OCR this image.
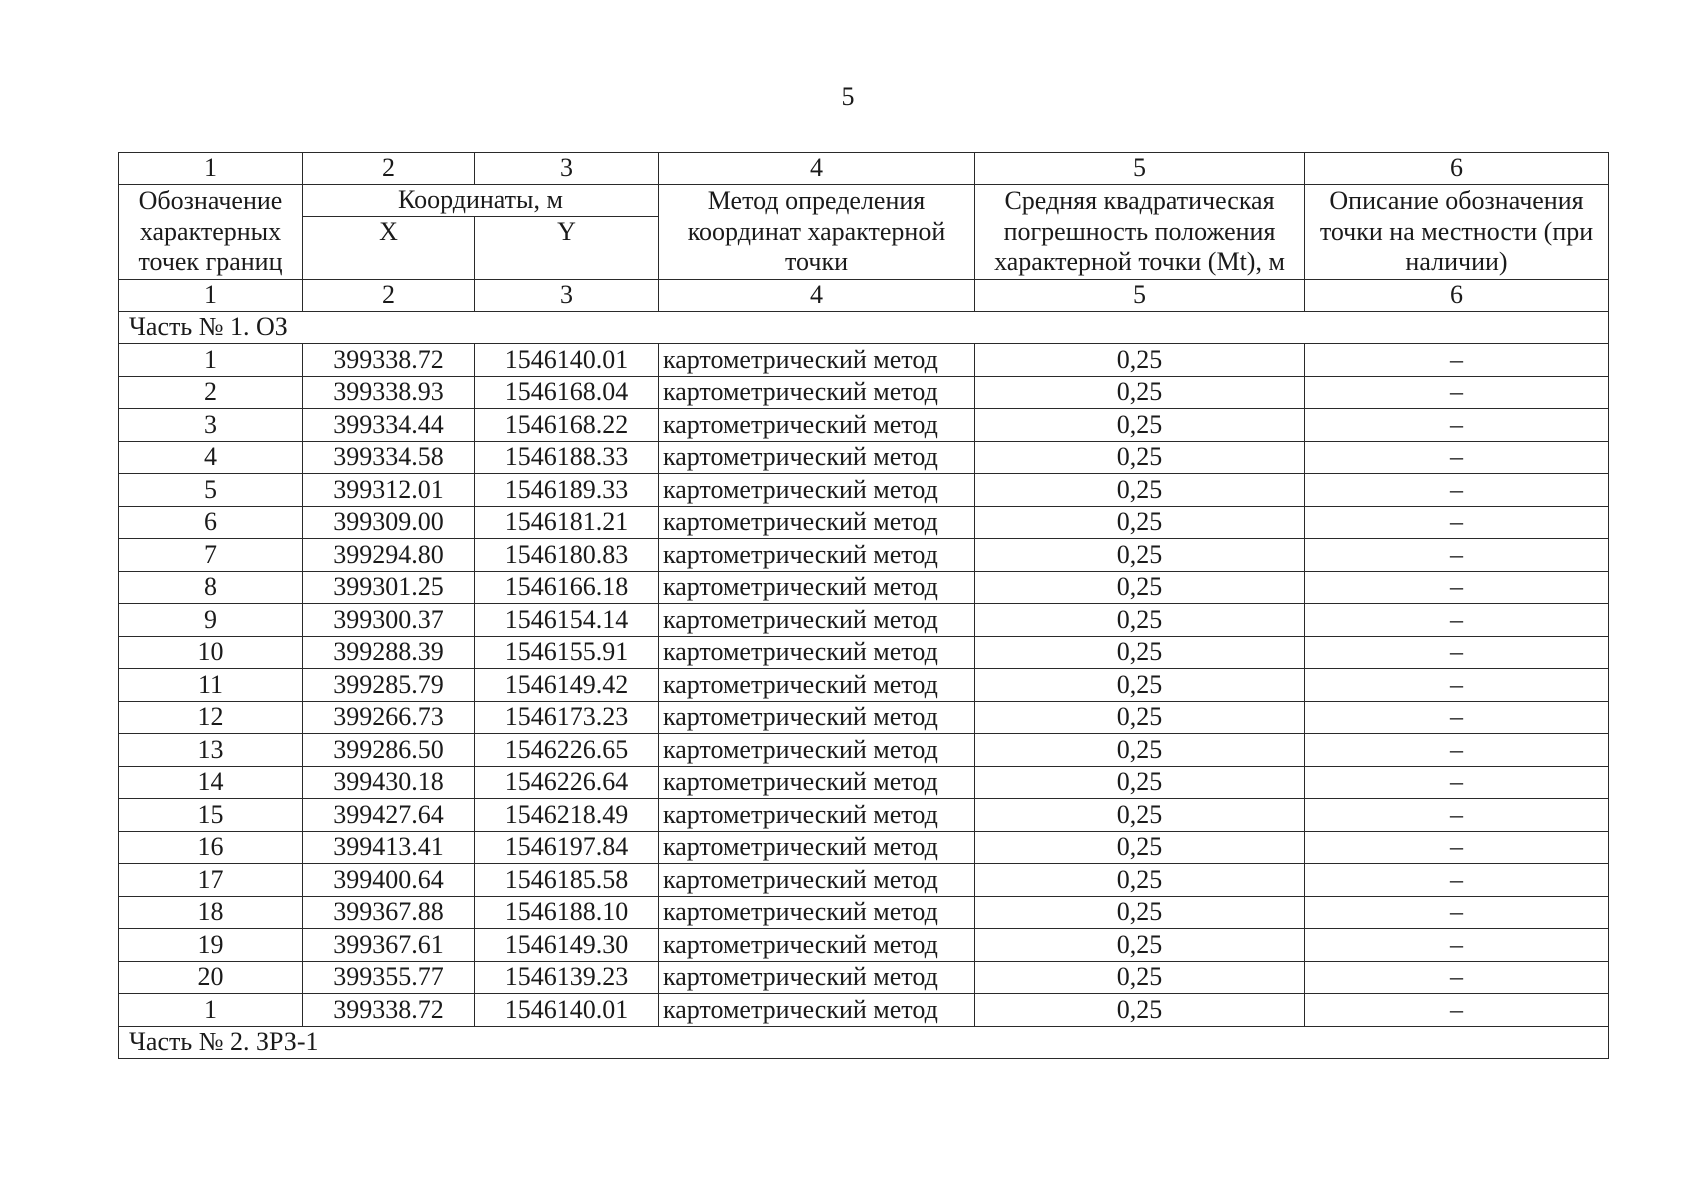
5
1	2	3	4	5	6
Обозначение характерных точек границ	Координаты, м		Метод определения координат характерной точки	Средняя квадратическая погрешность положения характерной точки (Mt), м	Описание обозначения точки на местности (при наличии)
	X	Y			
1	2	3	4	5	6
Часть № 1. ОЗ					
1	399338.72	1546140.01	картометрический метод	0,25	–
2	399338.93	1546168.04	картометрический метод	0,25	–
3	399334.44	1546168.22	картометрический метод	0,25	–
4	399334.58	1546188.33	картометрический метод	0,25	–
5	399312.01	1546189.33	картометрический метод	0,25	–
6	399309.00	1546181.21	картометрический метод	0,25	–
7	399294.80	1546180.83	картометрический метод	0,25	–
8	399301.25	1546166.18	картометрический метод	0,25	–
9	399300.37	1546154.14	картометрический метод	0,25	–
10	399288.39	1546155.91	картометрический метод	0,25	–
11	399285.79	1546149.42	картометрический метод	0,25	–
12	399266.73	1546173.23	картометрический метод	0,25	–
13	399286.50	1546226.65	картометрический метод	0,25	–
14	399430.18	1546226.64	картометрический метод	0,25	–
15	399427.64	1546218.49	картометрический метод	0,25	–
16	399413.41	1546197.84	картометрический метод	0,25	–
17	399400.64	1546185.58	картометрический метод	0,25	–
18	399367.88	1546188.10	картометрический метод	0,25	–
19	399367.61	1546149.30	картометрический метод	0,25	–
20	399355.77	1546139.23	картометрический метод	0,25	–
1	399338.72	1546140.01	картометрический метод	0,25	–
Часть № 2. ЗРЗ-1					
